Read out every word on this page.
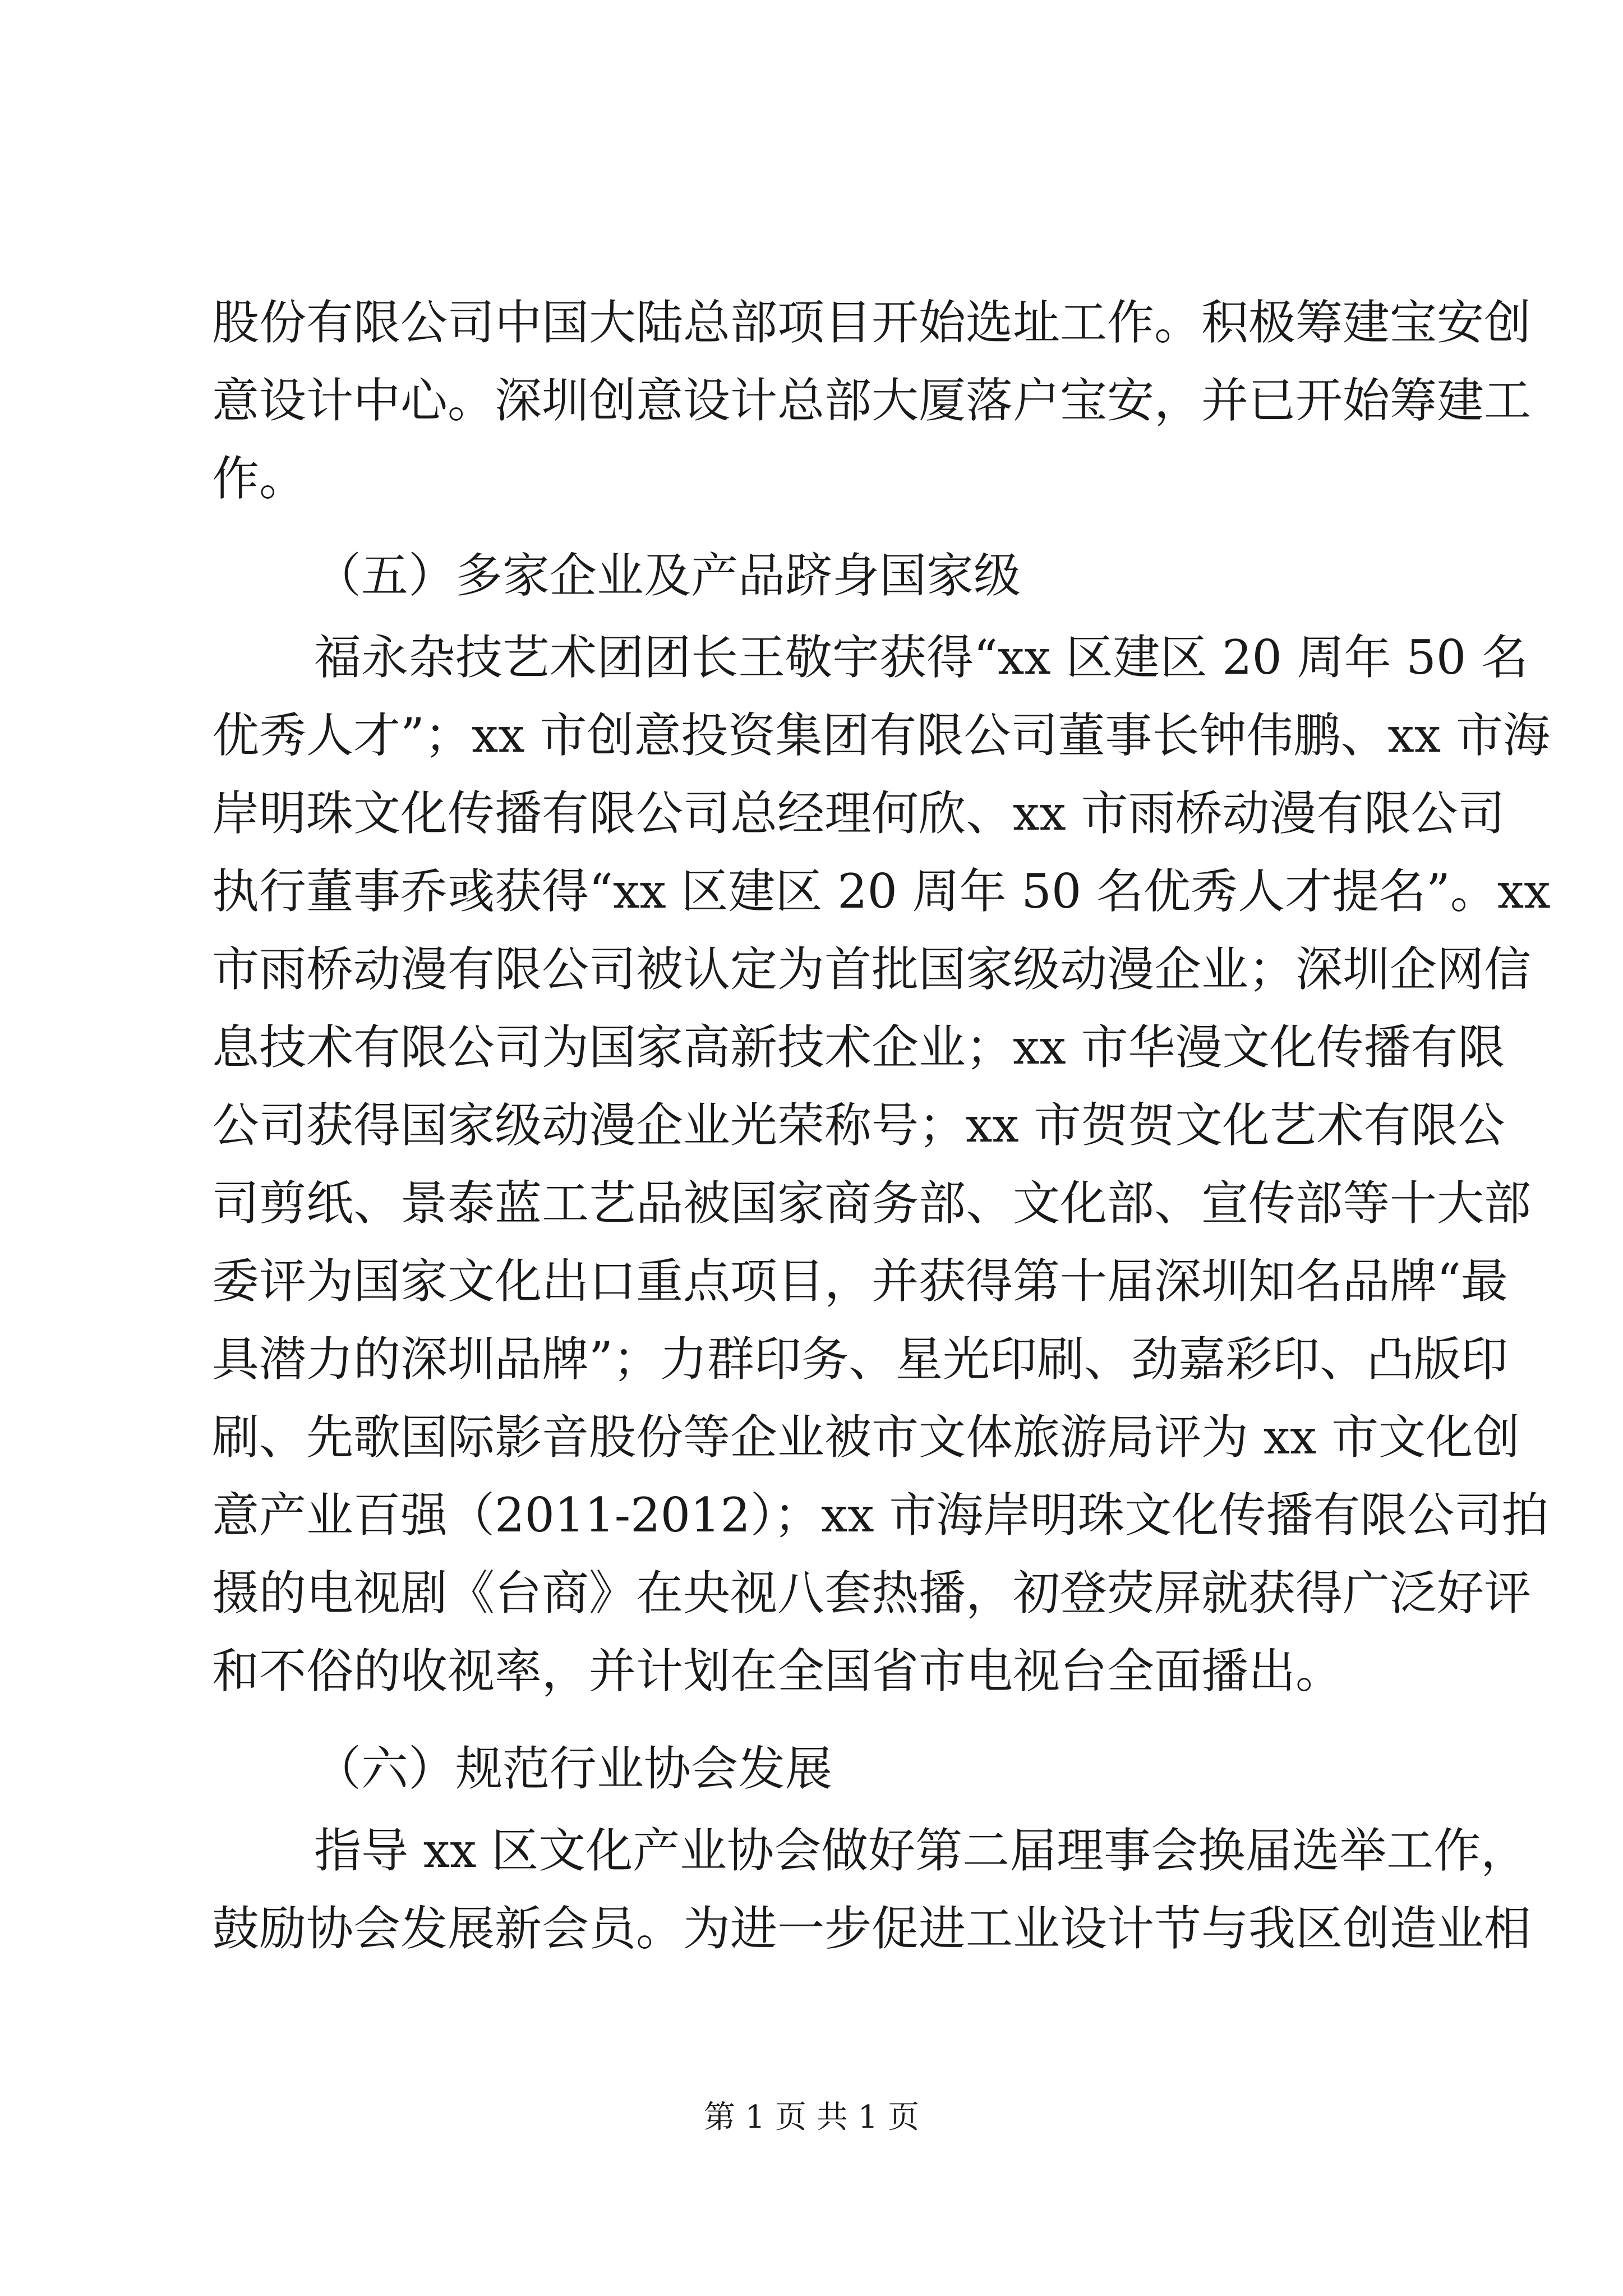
股份有限公司中国大陆总部项目开始选址工作。积极筹建宝安创
意设计中心。深圳创意设计总部大厦落户宝安，并已开始筹建工
作。
（五）多家企业及产品跻身国家级
福永杂技艺术团团长王敬宇获得“xx 区建区 20 周年 50 名
优秀人才”；xx 市创意投资集团有限公司董事长钟伟鹏、xx 市海
岸明珠文化传播有限公司总经理何欣、xx 市雨桥动漫有限公司
执行董事乔彧获得“xx 区建区 20 周年 50 名优秀人才提名”。xx
市雨桥动漫有限公司被认定为首批国家级动漫企业；深圳企网信
息技术有限公司为国家高新技术企业；xx 市华漫文化传播有限
公司获得国家级动漫企业光荣称号；xx 市贺贺文化艺术有限公
司剪纸、景泰蓝工艺品被国家商务部、文化部、宣传部等十大部
委评为国家文化出口重点项目，并获得第十届深圳知名品牌“最
具潜力的深圳品牌”；力群印务、星光印刷、劲嘉彩印、凸版印
刷、先歌国际影音股份等企业被市文体旅游局评为 xx 市文化创
意产业百强（2011-2012）；xx 市海岸明珠文化传播有限公司拍
摄的电视剧《台商》在央视八套热播，初登荧屏就获得广泛好评
和不俗的收视率，并计划在全国省市电视台全面播出。
（六）规范行业协会发展
指导 xx 区文化产业协会做好第二届理事会换届选举工作，
鼓励协会发展新会员。为进一步促进工业设计节与我区创造业相
第 1 页 共 1 页
